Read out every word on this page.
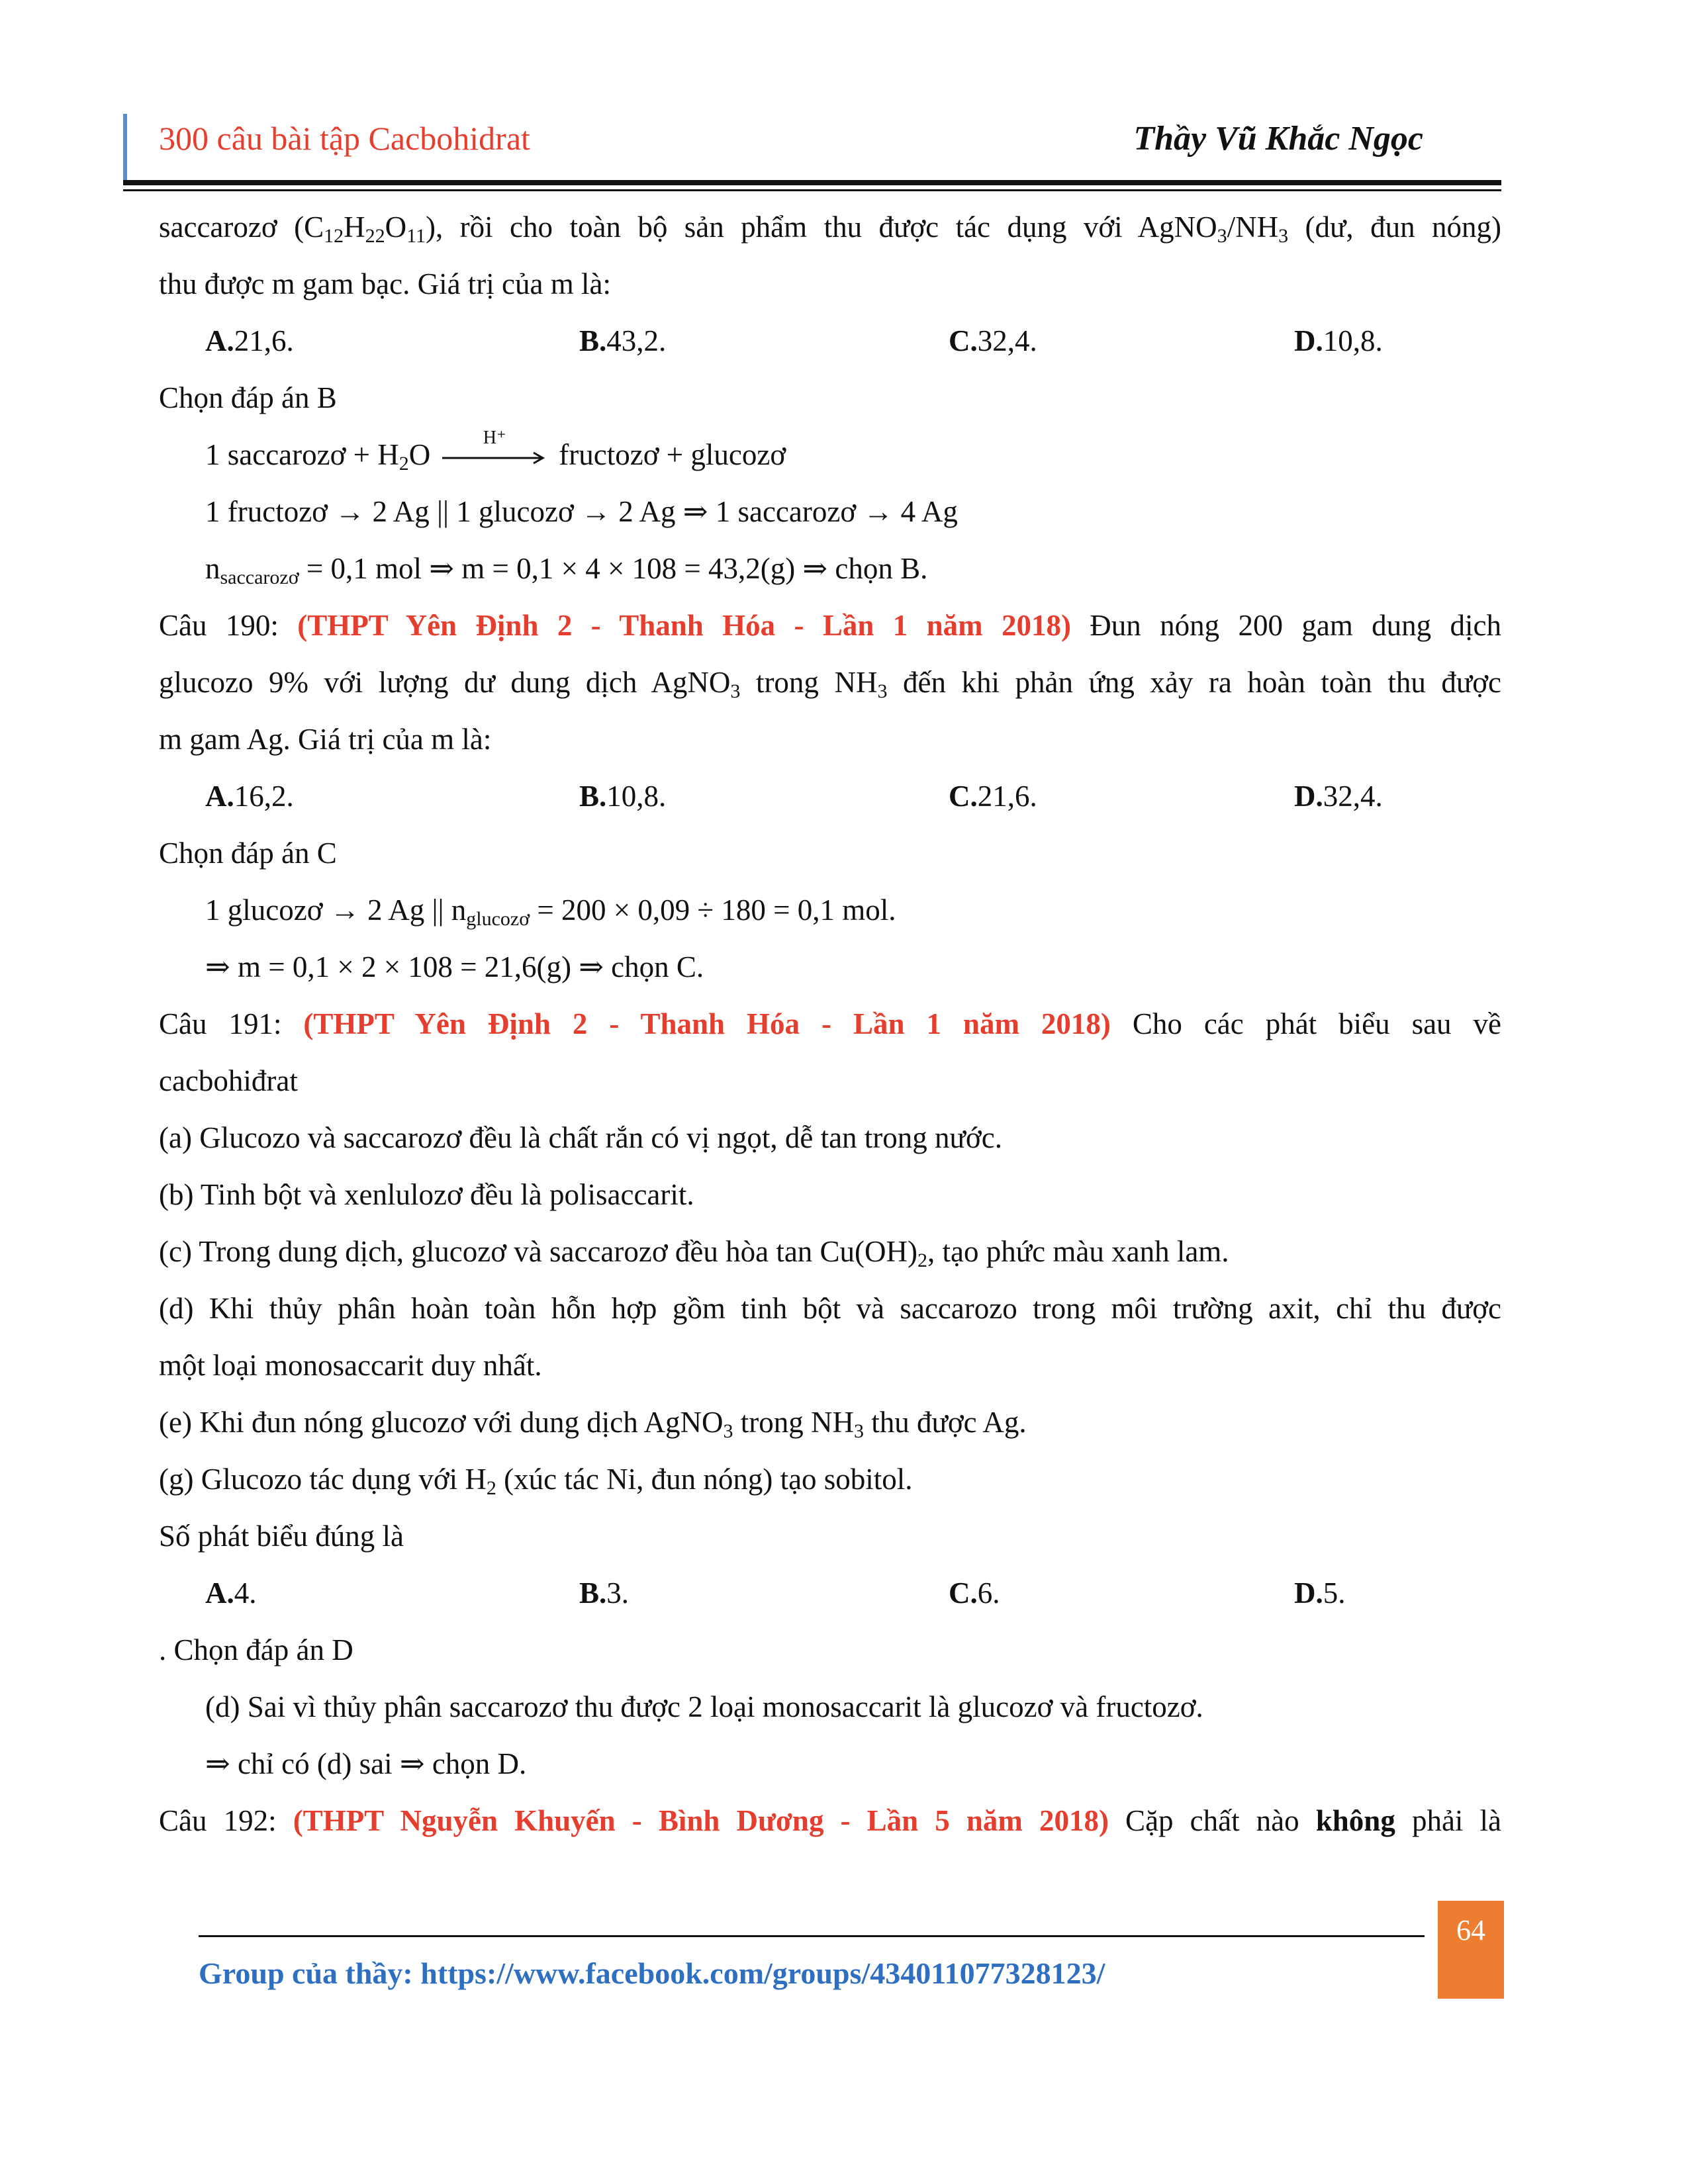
300 câu bài tập Cacbohidrat	Thầy Vũ Khắc Ngọc
saccarozơ $(C_{12}H_{22}O_{11})$, rồi cho toàn bộ sản phẩm thu được tác dụng với $AgNO_3/NH_3$ (dư, đun nóng)
thu được m gam bạc. Giá trị của m là:
A.21,6.	B.43,2.	C.32,4.	D.10,8.
Chọn đáp án B
1 saccarozơ + $H_2O$
H⁺
fructozơ + glucozơ
1 fructozơ → 2 Ag || 1 glucozơ → 2 Ag ⇒ 1 saccarozơ → 4 Ag
$n_{saccarozơ} = 0,1$ mol ⇒ m = 0,1 × 4 × 108 = 43,2(g) ⇒ chọn B.
Câu 190: (THPT Yên Định 2 - Thanh Hóa - Lần 1 năm 2018) Đun nóng 200 gam dung dịch
glucozo 9% với lượng dư dung dịch AgNO$_3$ trong $NH_3$ đến khi phản ứng xảy ra hoàn toàn thu được
m gam Ag. Giá trị của m là:
A.16,2.	B.10,8.	C.21,6.	D.32,4.
Chọn đáp án C
1 glucozơ → 2 Ag || $n_{glucozơ} = 200 \times 0,09 \div 180 = 0,1$ mol.
⇒ m = 0,1 × 2 × 108 = 21,6(g) ⇒ chọn C.
Câu 191: (THPT Yên Định 2 - Thanh Hóa - Lần 1 năm 2018) Cho các phát biểu sau về
cacbohiđrat
(a) Glucozo và saccarozơ đều là chất rắn có vị ngọt, dễ tan trong nước.
(b) Tinh bột và xenlulozơ đều là polisaccarit.
(c) Trong dung dịch, glucozơ và saccarozơ đều hòa $\tan Cu(OH)_2$, tạo phức màu xanh lam.
(d) Khi thủy phân hoàn toàn hỗn hợp gồm tinh bột và saccarozo trong môi trường axit, chỉ thu được
một loại monosaccarit duy nhất.
(e) Khi đun nóng glucozơ với dung dịch AgNO$_3$ trong $NH_3$ thu được Ag.
(g) Glucozo tác dụng với $H_2$ (xúc tác Ni, đun nóng) tạo sobitol.
Số phát biểu đúng là
A.4.	B.3.	C.6.	D.5.
. Chọn đáp án D
(d) Sai vì thủy phân saccarozơ thu được 2 loại monosaccarit là glucozơ và fructozơ.
⇒ chỉ có (d) sai ⇒ chọn D.
Câu 192: (THPT Nguyễn Khuyến - Bình Dương - Lần 5 năm 2018) Cặp chất nào không phải là
Group của thầy: https://www.facebook.com/groups/434011077328123/
64
